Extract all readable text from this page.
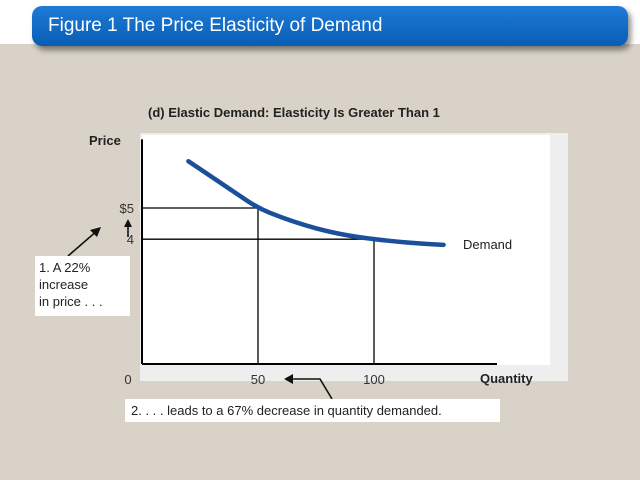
Figure 1 The Price Elasticity of Demand
(d) Elastic Demand: Elasticity Is Greater Than 1
Price
Quantity
0	50	100
$5
4	Demand
1. A 22%
increase
in price . . .
2. . . . leads to a 67% decrease in quantity demanded.
